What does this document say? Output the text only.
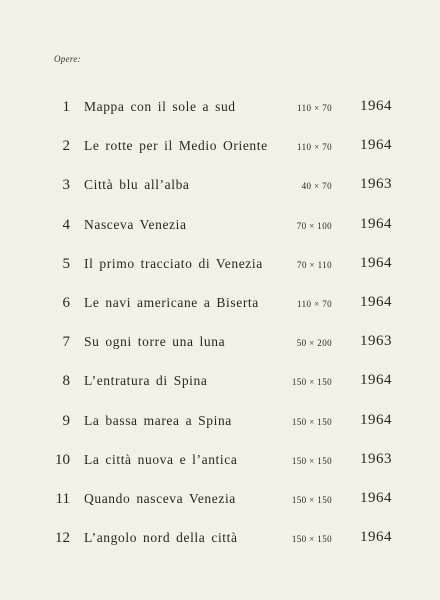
Opere:
1 Mappa con il sole a sud	110 × 70	1964
2 Le rotte per il Medio Oriente	110 × 70	1964
3 Città blu all’alba	40 × 70	1963
4 Nasceva Venezia	70 × 100	1964
5 Il primo tracciato di Venezia	70 × 110	1964
6 Le navi americane a Biserta	110 × 70	1964
7 Su ogni torre una luna	50 × 200	1963
8 L’entratura di Spina	150 × 150	1964
9 La bassa marea a Spina	150 × 150	1964
10 La città nuova e l’antica	150 × 150	1963
11 Quando nasceva Venezia	150 × 150	1964
12 L’angolo nord della città	150 × 150	1964
